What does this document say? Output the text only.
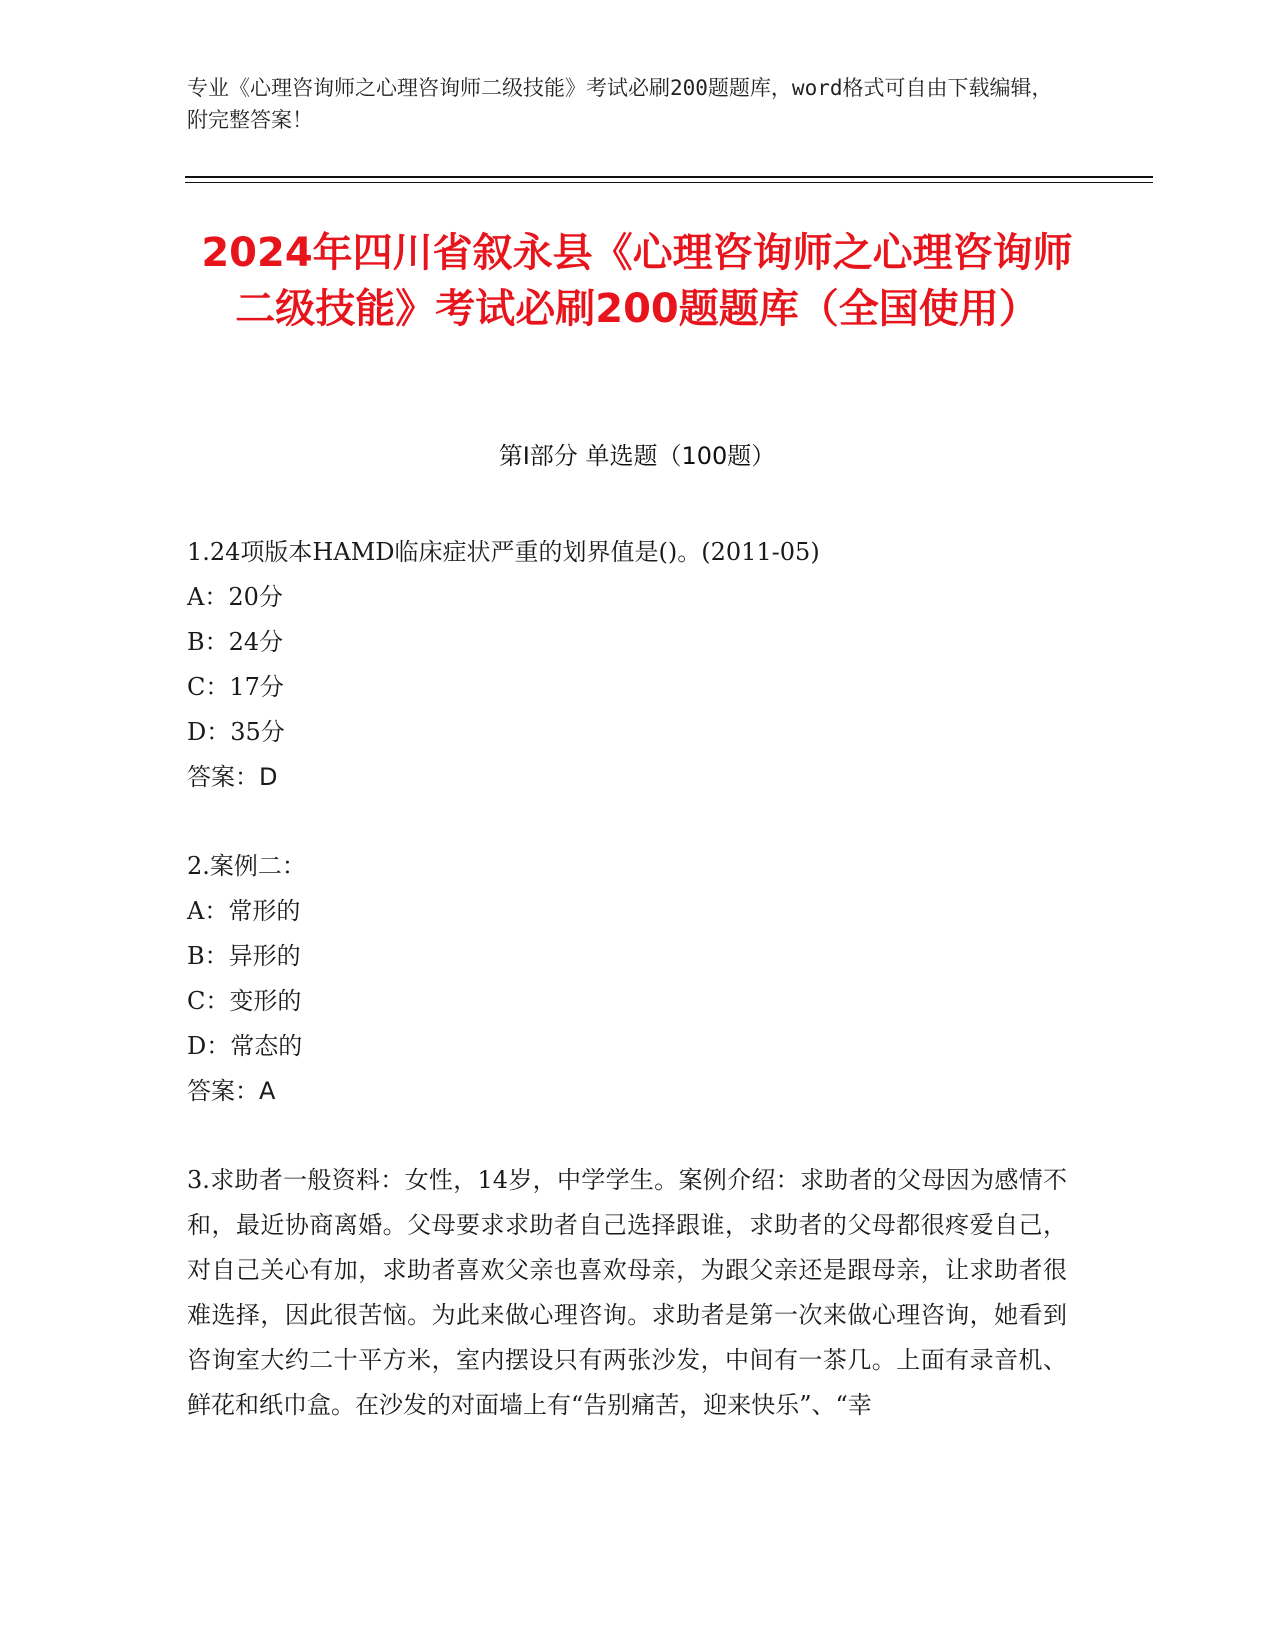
专业《心理咨询师之心理咨询师二级技能》考试必刷200题题库，word格式可自由下载编辑，附完整答案！
2024年四川省叙永县《心理咨询师之心理咨询师二级技能》考试必刷200题题库（全国使用）
第I部分 单选题（100题）

1.24项版本HAMD临床症状严重的划界值是()。(2011-05)

A：20分

B：24分

C：17分

D：35分

答案：D

2.案例二：

A：常形的

B：异形的

C：变形的

D：常态的

答案：A

3.求助者一般资料：女性，14岁，中学学生。案例介绍：求助者的父母因为感情不和，最近协商离婚。父母要求求助者自己选择跟谁，求助者的父母都很疼爱自己，对自己关心有加，求助者喜欢父亲也喜欢母亲，为跟父亲还是跟母亲，让求助者很难选择，因此很苦恼。为此来做心理咨询。求助者是第一次来做心理咨询，她看到咨询室大约二十平方米，室内摆设只有两张沙发，中间有一茶几。上面有录音机、鲜花和纸巾盒。在沙发的对面墙上有“告别痛苦，迎来快乐”、“幸
